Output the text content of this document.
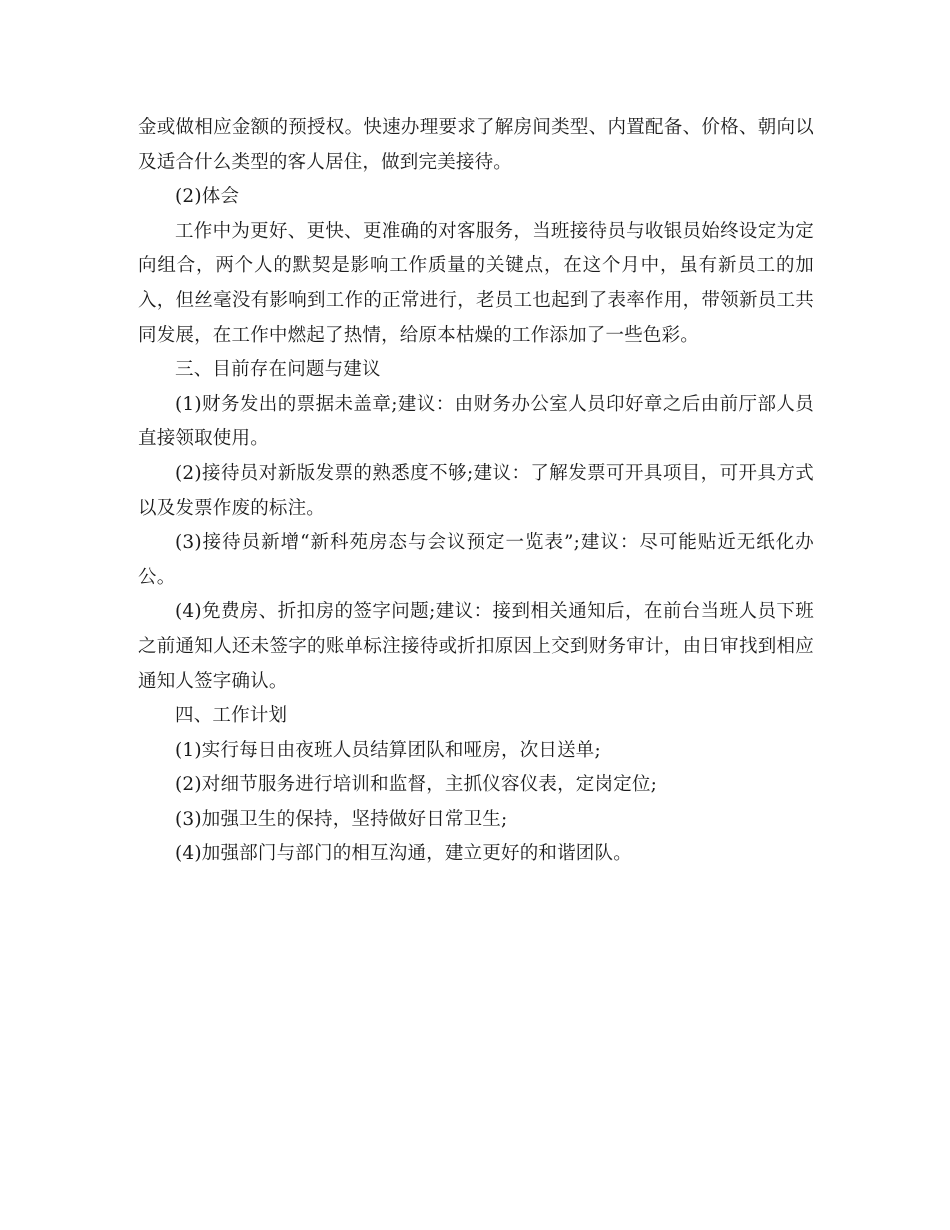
金或做相应金额的预授权。快速办理要求了解房间类型、内置配备、价格、朝向以及适合什么类型的客人居住，做到完美接待。

(2)体会

工作中为更好、更快、更准确的对客服务，当班接待员与收银员始终设定为定向组合，两个人的默契是影响工作质量的关键点，在这个月中，虽有新员工的加入，但丝毫没有影响到工作的正常进行，老员工也起到了表率作用，带领新员工共同发展，在工作中燃起了热情，给原本枯燥的工作添加了一些色彩。

三、目前存在问题与建议

(1)财务发出的票据未盖章;建议：由财务办公室人员印好章之后由前厅部人员直接领取使用。

(2)接待员对新版发票的熟悉度不够;建议：了解发票可开具项目，可开具方式以及发票作废的标注。

(3)接待员新增“新科苑房态与会议预定一览表”;建议：尽可能贴近无纸化办公。

(4)免费房、折扣房的签字问题;建议：接到相关通知后，在前台当班人员下班之前通知人还未签字的账单标注接待或折扣原因上交到财务审计，由日审找到相应通知人签字确认。

四、工作计划

(1)实行每日由夜班人员结算团队和哑房，次日送单;

(2)对细节服务进行培训和监督，主抓仪容仪表，定岗定位;

(3)加强卫生的保持，坚持做好日常卫生;

(4)加强部门与部门的相互沟通，建立更好的和谐团队。
